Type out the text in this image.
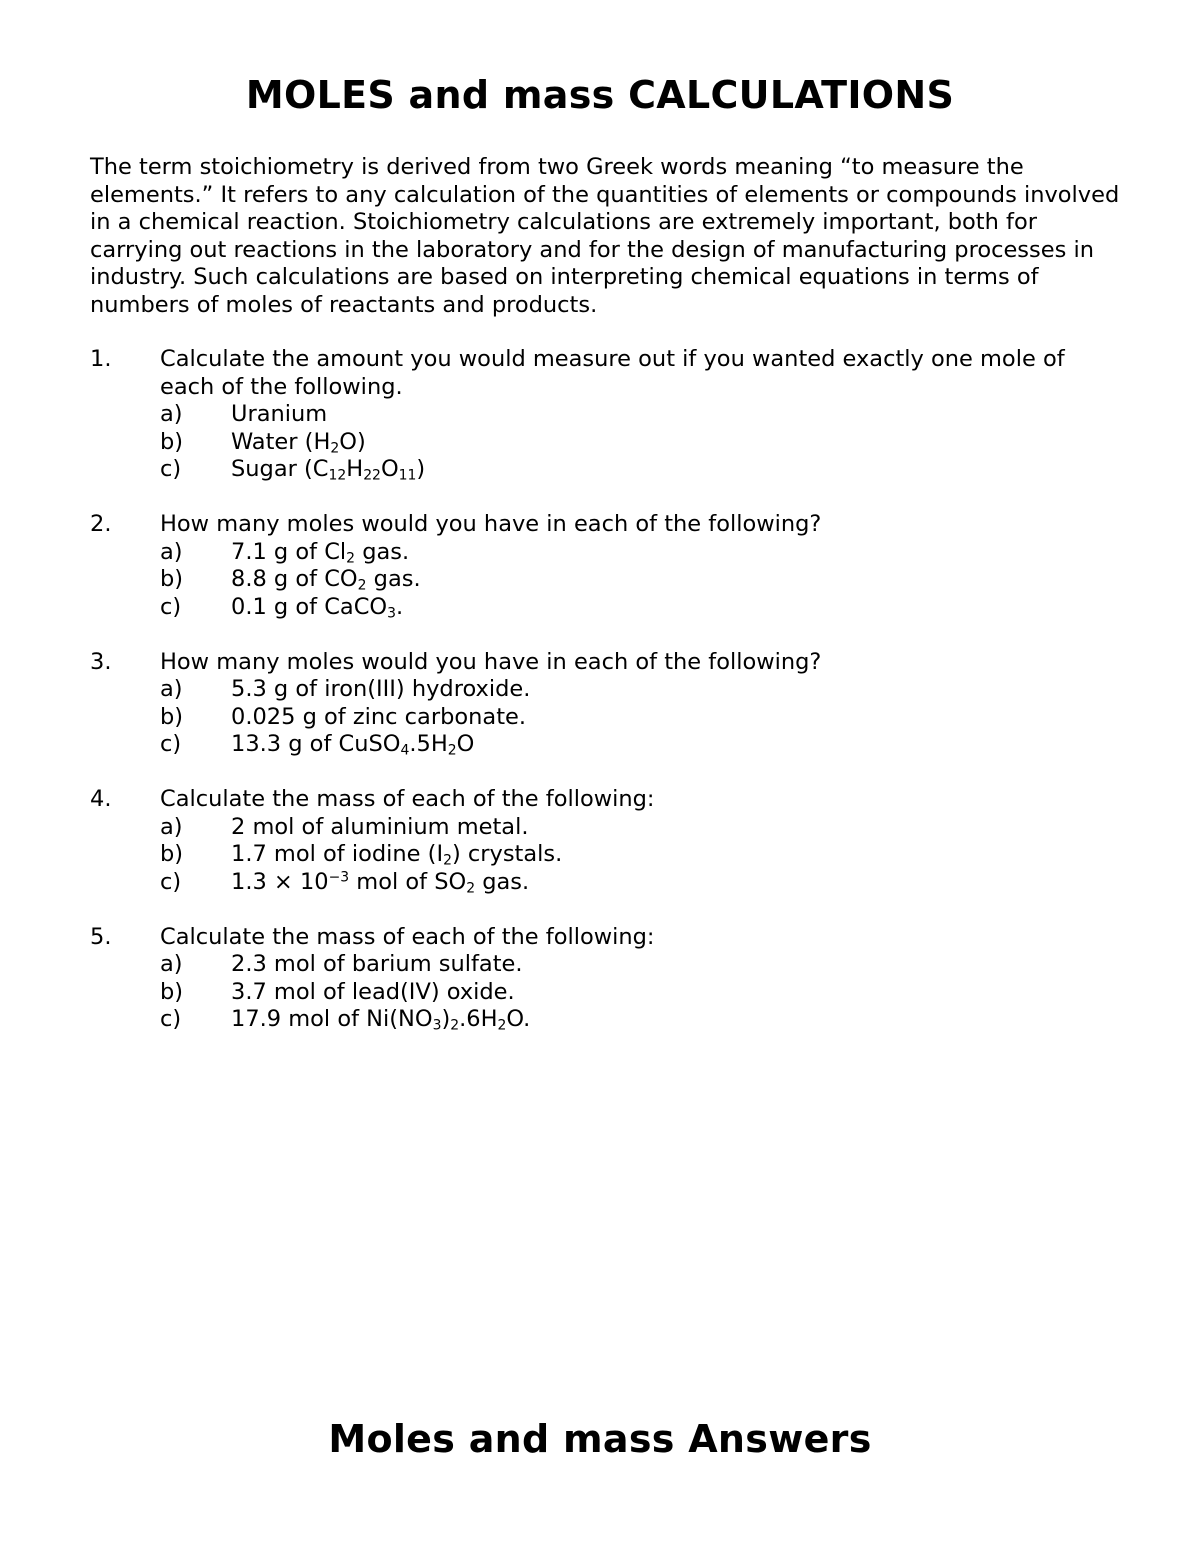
MOLES and mass CALCULATIONS

The term stoichiometry is derived from two Greek words meaning “to measure the elements.” It refers to any calculation of the quantities of elements or compounds involved in a chemical reaction. Stoichiometry calculations are extremely important, both for carrying out reactions in the laboratory and for the design of manufacturing processes in industry. Such calculations are based on interpreting chemical equations in terms of numbers of moles of reactants and products.

1. Calculate the amount you would measure out if you wanted exactly one mole of each of the following.
a) Uranium
b) Water $(H_2O)$
c) Sugar $(C_{12}H_{22}O_{11})$
2. How many moles would you have in each of the following?
a) 7.1 g of $Cl_2$ gas.
b) 8.8 g of $CO_2$ gas.
c) 0.1 g of CaCO$_3$.
3. How many moles would you have in each of the following?
a) 5.3 g of iron(III) hydroxide.
b) 0.025 g of zinc carbonate.
c) 13.3 g of $CuSO_4.5H_2O$
4. Calculate the mass of each of the following:
a) 2 mol of aluminium metal.
b) 1.7 mol of iodine $(I_2)$ crystals.
c) $1.3 \times 10^{-3}$ mol of $SO_2$ gas.
5. Calculate the mass of each of the following:
a) 2.3 mol of barium sulfate.
b) 3.7 mol of lead(IV) oxide.
c) 17.9 mol of $Ni(NO_3)_2.6H_2O$.
Moles and mass Answers
